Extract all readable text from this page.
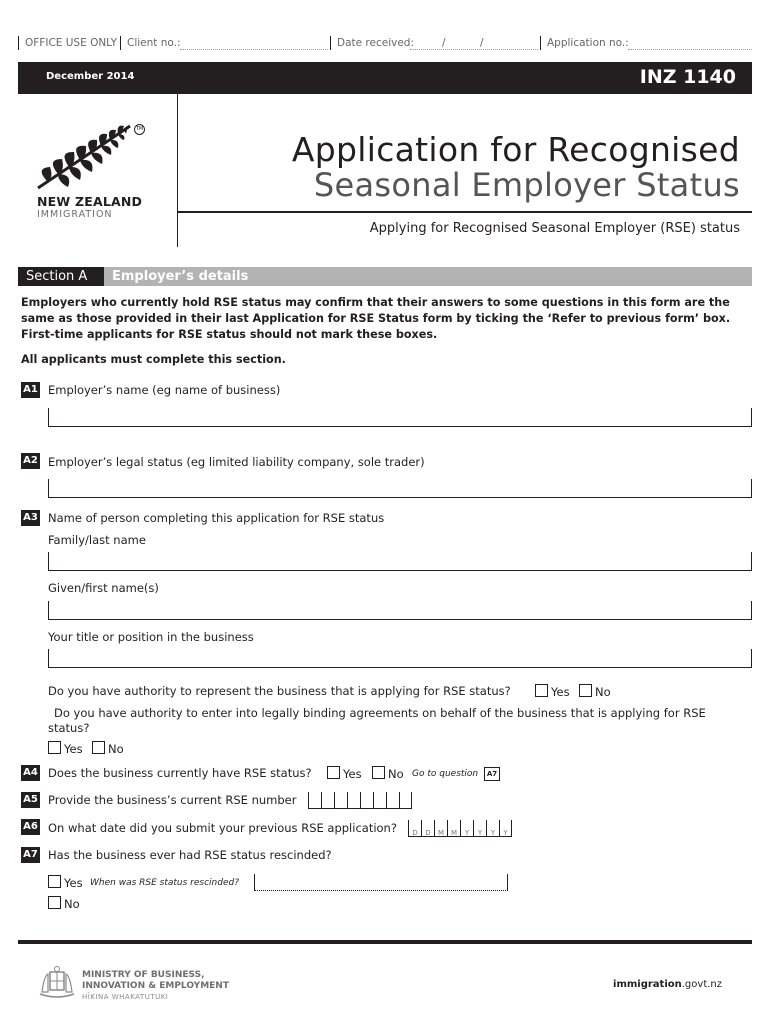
OFFICE USE ONLY Client no.:	Date received:	/	/	Application no.:
December 2014	INZ 1140
TM
NEW ZEALAND
IMMIGRATION
Application for Recognised
Seasonal Employer Status
Applying for Recognised Seasonal Employer (RSE) status
Section A	Employer’s details
Employers who currently hold RSE status may confirm that their answers to some questions in this form are the same as those provided in their last Application for RSE Status form by ticking the ‘Refer to previous form’ box. First-time applicants for RSE status should not mark these boxes.
All applicants must complete this section.
A1 Employer’s name (eg name of business)
A2 Employer’s legal status (eg limited liability company, sole trader)
A3 Name of person completing this application for RSE status
Family/last name
Given/first name(s)
Your title or position in the business
Do you have authority to represent the business that is applying for RSE status?	Yes	No
Do you have authority to enter into legally binding agreements on behalf of the business that is applying for RSE status?
Yes	No
A4 Does the business currently have RSE status?	Yes	No Go to question	A7
A5 Provide the business’s current RSE number
A6 On what date did you submit your previous RSE application?	D	D	M M	Y	Y	Y	Y
A7 Has the business ever had RSE status rescinded?
Yes When was RSE status rescinded?
No
MINISTRY OF BUSINESS,
INNOVATION & EMPLOYMENT
HĪKINA WHAKATUTUKI
immigration.govt.nz
